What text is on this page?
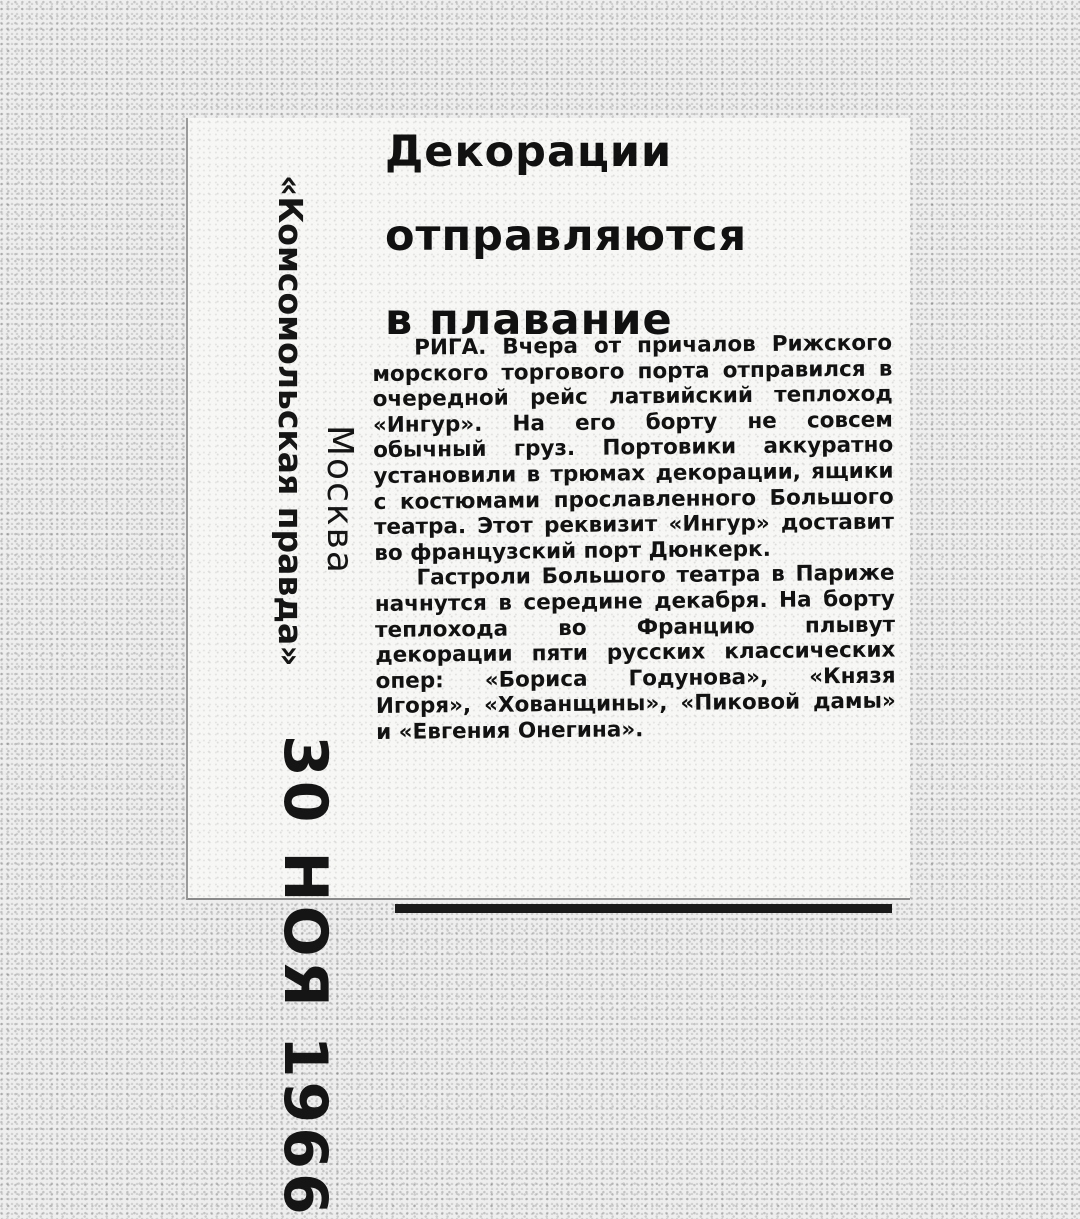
«Комсомольская правда» Москва
30 НОЯ 1966
Декорации
отправляются
в плавание

РИГА. Вчера от причалов Рижского морского торгового порта отправился в очередной рейс латвийский теплоход «Ингур». На его борту не совсем обычный груз. Портовики аккуратно установили в трюмах декорации, ящики с костюмами прославленного Большого театра. Этот реквизит «Ингур» доставит во французский порт Дюнкерк.

Гастроли Большого театра в Париже начнутся в середине декабря. На борту теплохода во Францию плывут декорации пяти русских классических опер: «Бориса Годунова», «Князя Игоря», «Хованщины», «Пиковой дамы» и «Евгения Онегина».
